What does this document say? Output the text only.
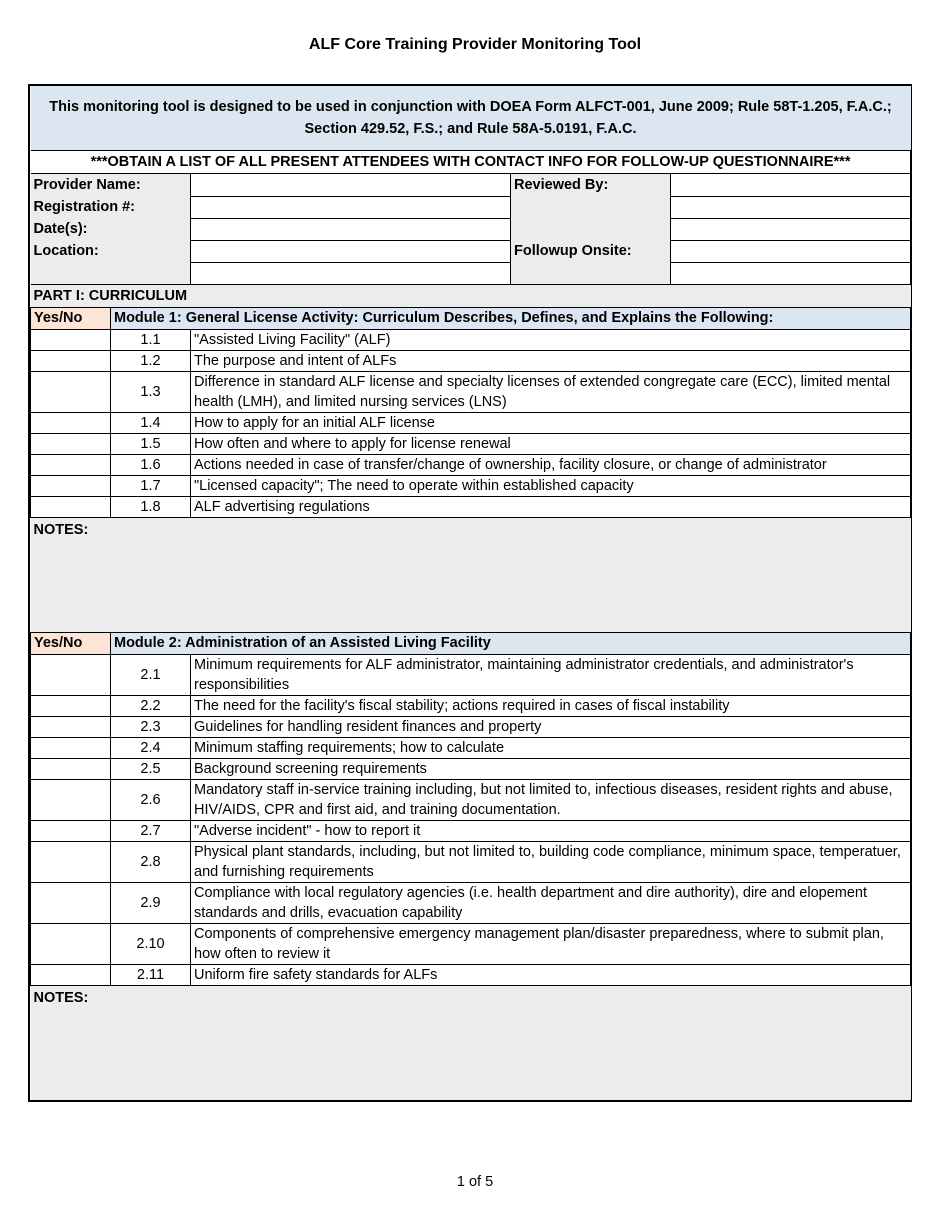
ALF Core Training Provider Monitoring Tool
This monitoring tool is designed to be used in conjunction with DOEA Form ALFCT-001, June 2009; Rule 58T-1.205, F.A.C.; Section 429.52, F.S.; and Rule 58A-5.0191, F.A.C.				
***OBTAIN A LIST OF ALL PRESENT ATTENDEES WITH CONTACT INFO FOR FOLLOW-UP QUESTIONNAIRE***				
Provider Name:			Reviewed By:	
Registration #:				
Date(s):				
Location:			Followup Onsite:	

PART I: CURRICULUM				
Yes/No	Module 1: General License Activity: Curriculum Describes, Defines, and Explains the Following:			
	1.1	"Assisted Living Facility" (ALF)		
	1.2	The purpose and intent of ALFs		
	1.3	Difference in standard ALF license and specialty licenses of extended congregate care (ECC), limited mental health (LMH), and limited nursing services (LNS)		
	1.4	How to apply for an initial ALF license		
	1.5	How often and where to apply for license renewal		
	1.6	Actions needed in case of transfer/change of ownership, facility closure, or change of administrator		
	1.7	"Licensed capacity"; The need to operate within established capacity		
	1.8	ALF advertising regulations		
NOTES:				
Yes/No	Module 2: Administration of an Assisted Living Facility			
	2.1	Minimum requirements for ALF administrator, maintaining administrator credentials, and administrator's responsibilities		
	2.2	The need for the facility's fiscal stability; actions required in cases of fiscal instability		
	2.3	Guidelines for handling resident finances and property		
	2.4	Minimum staffing requirements; how to calculate		
	2.5	Background screening requirements		
	2.6	Mandatory staff in-service training including, but not limited to, infectious diseases, resident rights and abuse, HIV/AIDS, CPR and first aid, and training documentation.		
	2.7	"Adverse incident" - how to report it		
	2.8	Physical plant standards, including, but not limited to, building code compliance, minimum space, temperatuer, and furnishing requirements		
	2.9	Compliance with local regulatory agencies (i.e. health department and dire authority), dire and elopement standards and drills, evacuation capability		
	2.10	Components of comprehensive emergency management plan/disaster preparedness, where to submit plan, how often to review it		
	2.11	Uniform fire safety standards for ALFs		
NOTES:				
1 of 5
